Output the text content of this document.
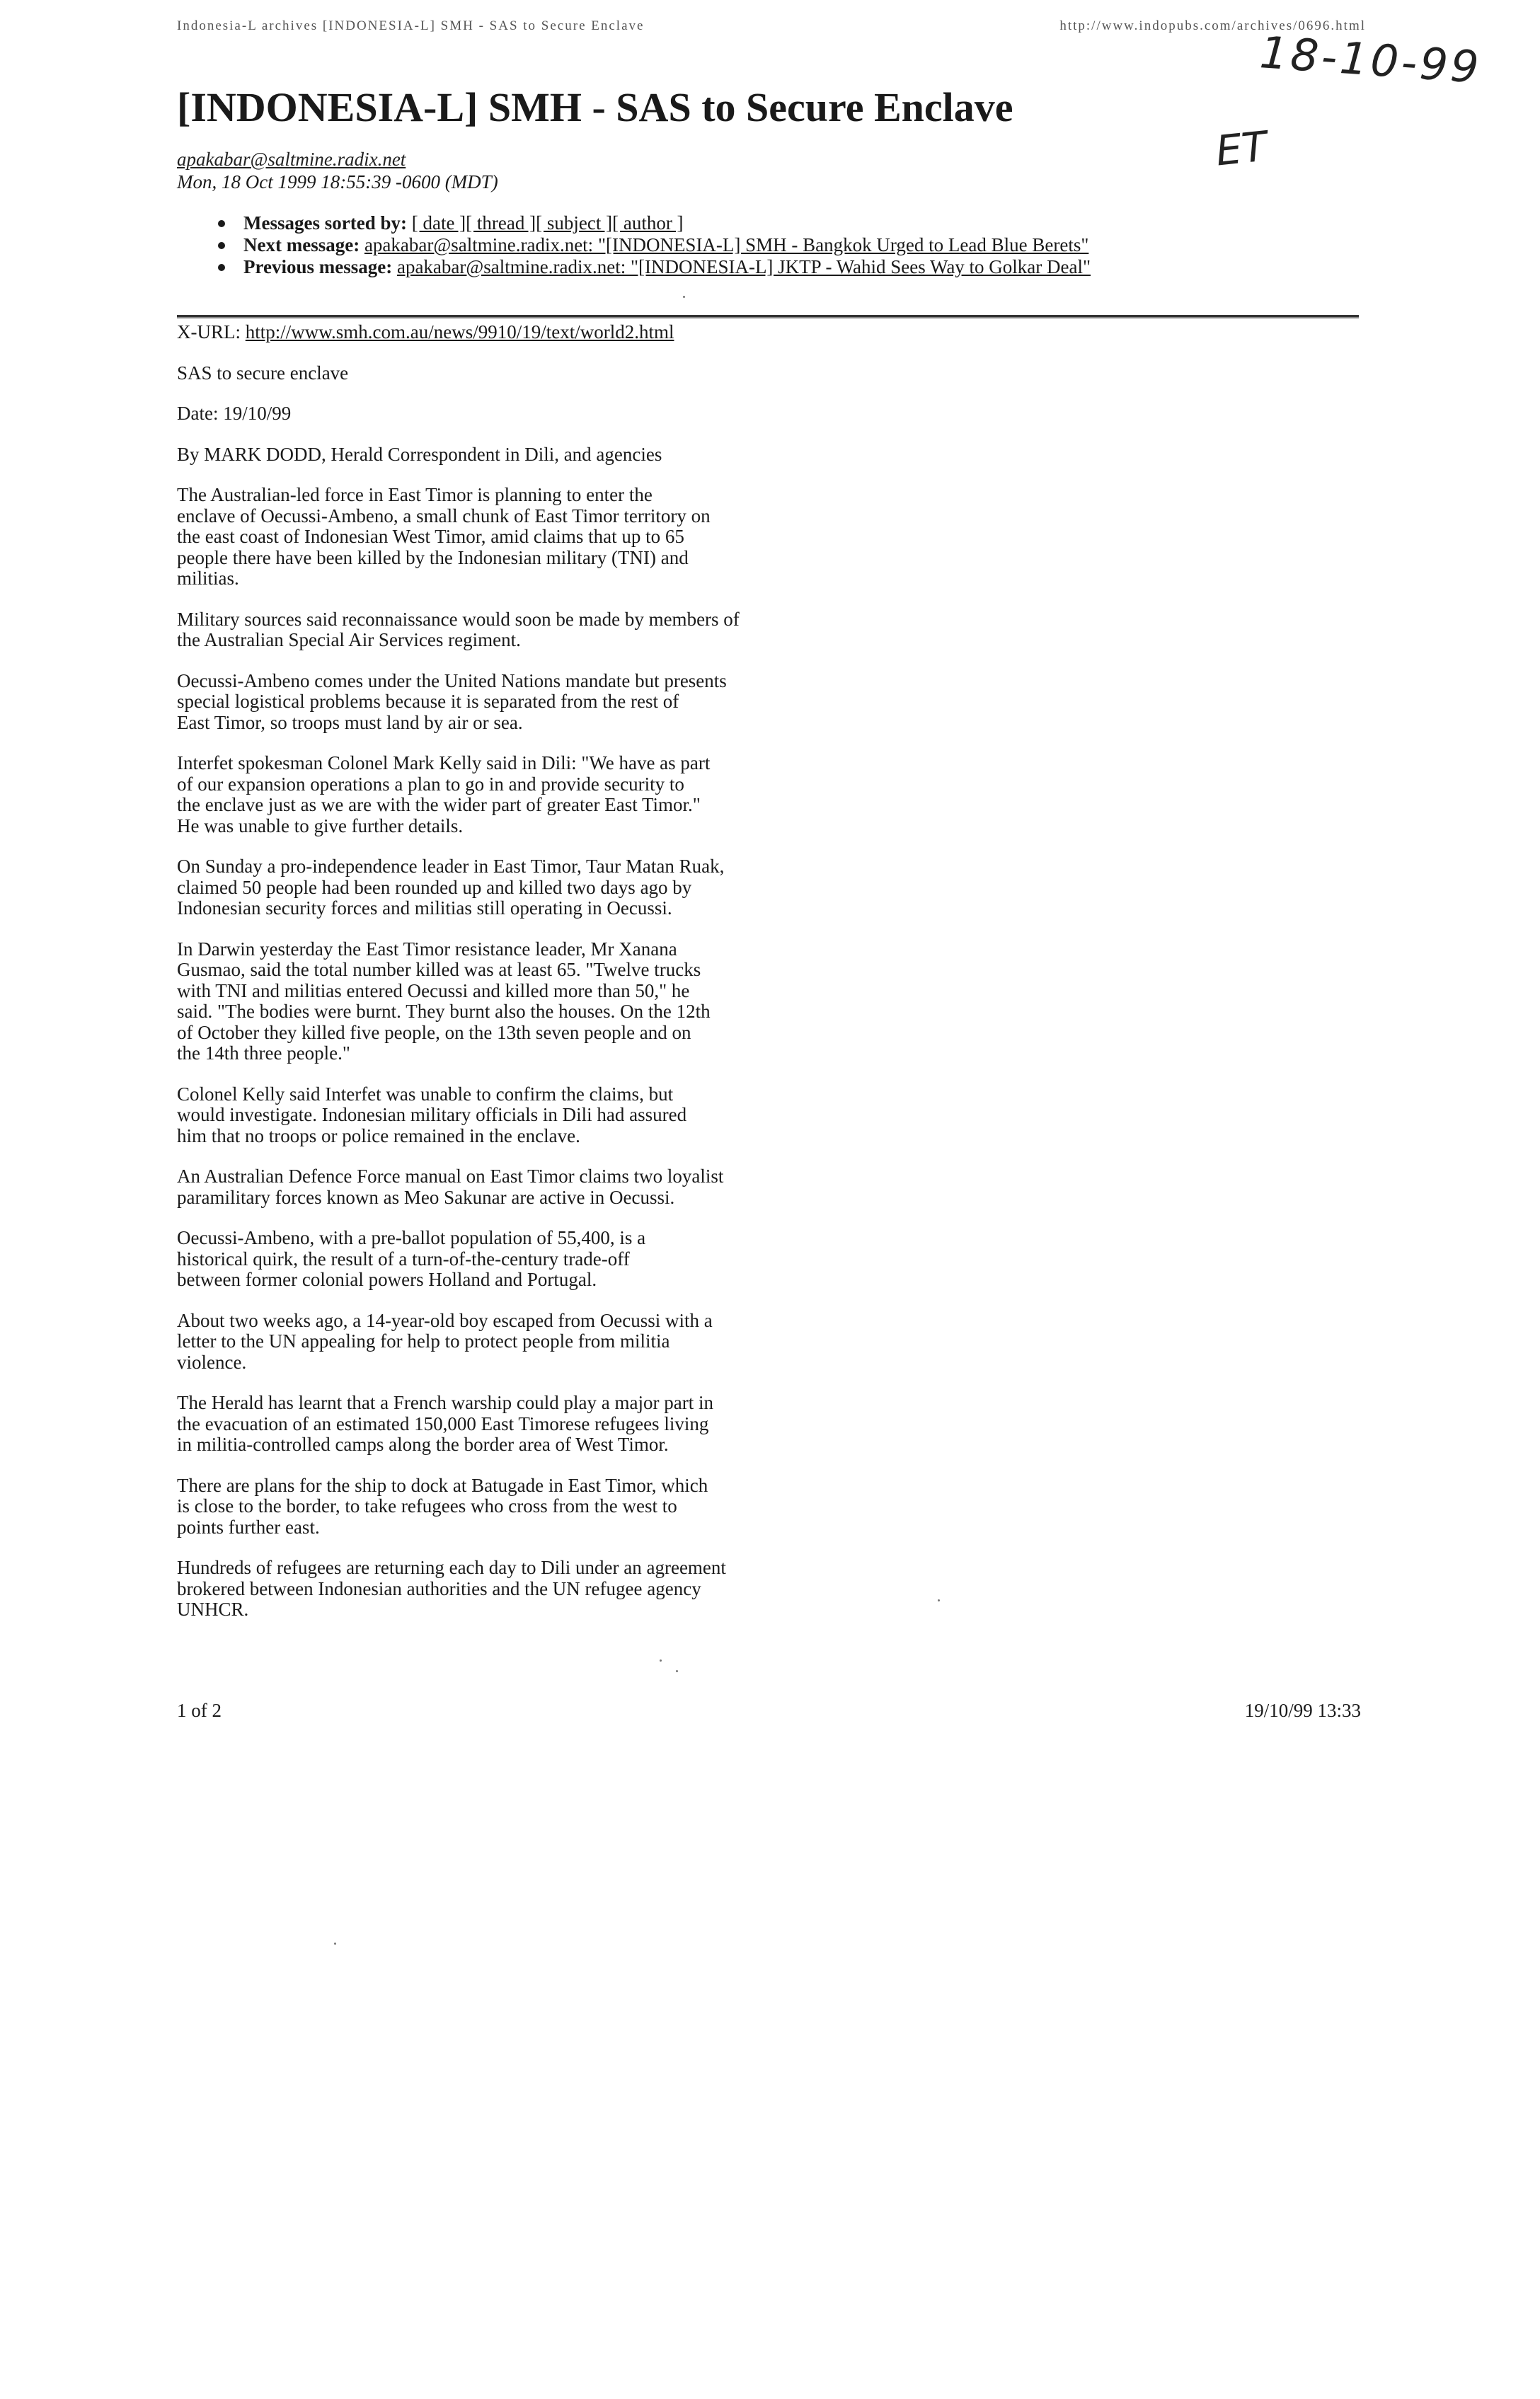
Indonesia-L archives [INDONESIA-L] SMH - SAS to Secure Enclave	http://www.indopubs.com/archives/0696.html
18-10-99
ET
[INDONESIA-L] SMH - SAS to Secure Enclave
apakabar@saltmine.radix.net
Mon, 18 Oct 1999 18:55:39 -0600 (MDT)
Messages sorted by: [ date ][ thread ][ subject ][ author ]
Next message: apakabar@saltmine.radix.net: "[INDONESIA-L] SMH - Bangkok Urged to Lead Blue Berets"
Previous message: apakabar@saltmine.radix.net: "[INDONESIA-L] JKTP - Wahid Sees Way to Golkar Deal"

X-URL: http://www.smh.com.au/news/9910/19/text/world2.html

SAS to secure enclave

Date: 19/10/99

By MARK DODD, Herald Correspondent in Dili, and agencies

The Australian-led force in East Timor is planning to enter the
enclave of Oecussi-Ambeno, a small chunk of East Timor territory on
the east coast of Indonesian West Timor, amid claims that up to 65
people there have been killed by the Indonesian military (TNI) and
militias.

Military sources said reconnaissance would soon be made by members of
the Australian Special Air Services regiment.

Oecussi-Ambeno comes under the United Nations mandate but presents
special logistical problems because it is separated from the rest of
East Timor, so troops must land by air or sea.

Interfet spokesman Colonel Mark Kelly said in Dili: "We have as part
of our expansion operations a plan to go in and provide security to
the enclave just as we are with the wider part of greater East Timor."
He was unable to give further details.

On Sunday a pro-independence leader in East Timor, Taur Matan Ruak,
claimed 50 people had been rounded up and killed two days ago by
Indonesian security forces and militias still operating in Oecussi.

In Darwin yesterday the East Timor resistance leader, Mr Xanana
Gusmao, said the total number killed was at least 65. "Twelve trucks
with TNI and militias entered Oecussi and killed more than 50," he
said. "The bodies were burnt. They burnt also the houses. On the 12th
of October they killed five people, on the 13th seven people and on
the 14th three people."

Colonel Kelly said Interfet was unable to confirm the claims, but
would investigate. Indonesian military officials in Dili had assured
him that no troops or police remained in the enclave.

An Australian Defence Force manual on East Timor claims two loyalist
paramilitary forces known as Meo Sakunar are active in Oecussi.

Oecussi-Ambeno, with a pre-ballot population of 55,400, is a
historical quirk, the result of a turn-of-the-century trade-off
between former colonial powers Holland and Portugal.

About two weeks ago, a 14-year-old boy escaped from Oecussi with a
letter to the UN appealing for help to protect people from militia
violence.

The Herald has learnt that a French warship could play a major part in
the evacuation of an estimated 150,000 East Timorese refugees living
in militia-controlled camps along the border area of West Timor.

There are plans for the ship to dock at Batugade in East Timor, which
is close to the border, to take refugees who cross from the west to
points further east.

Hundreds of refugees are returning each day to Dili under an agreement
brokered between Indonesian authorities and the UN refugee agency
UNHCR.

1 of 2	19/10/99 13:33
